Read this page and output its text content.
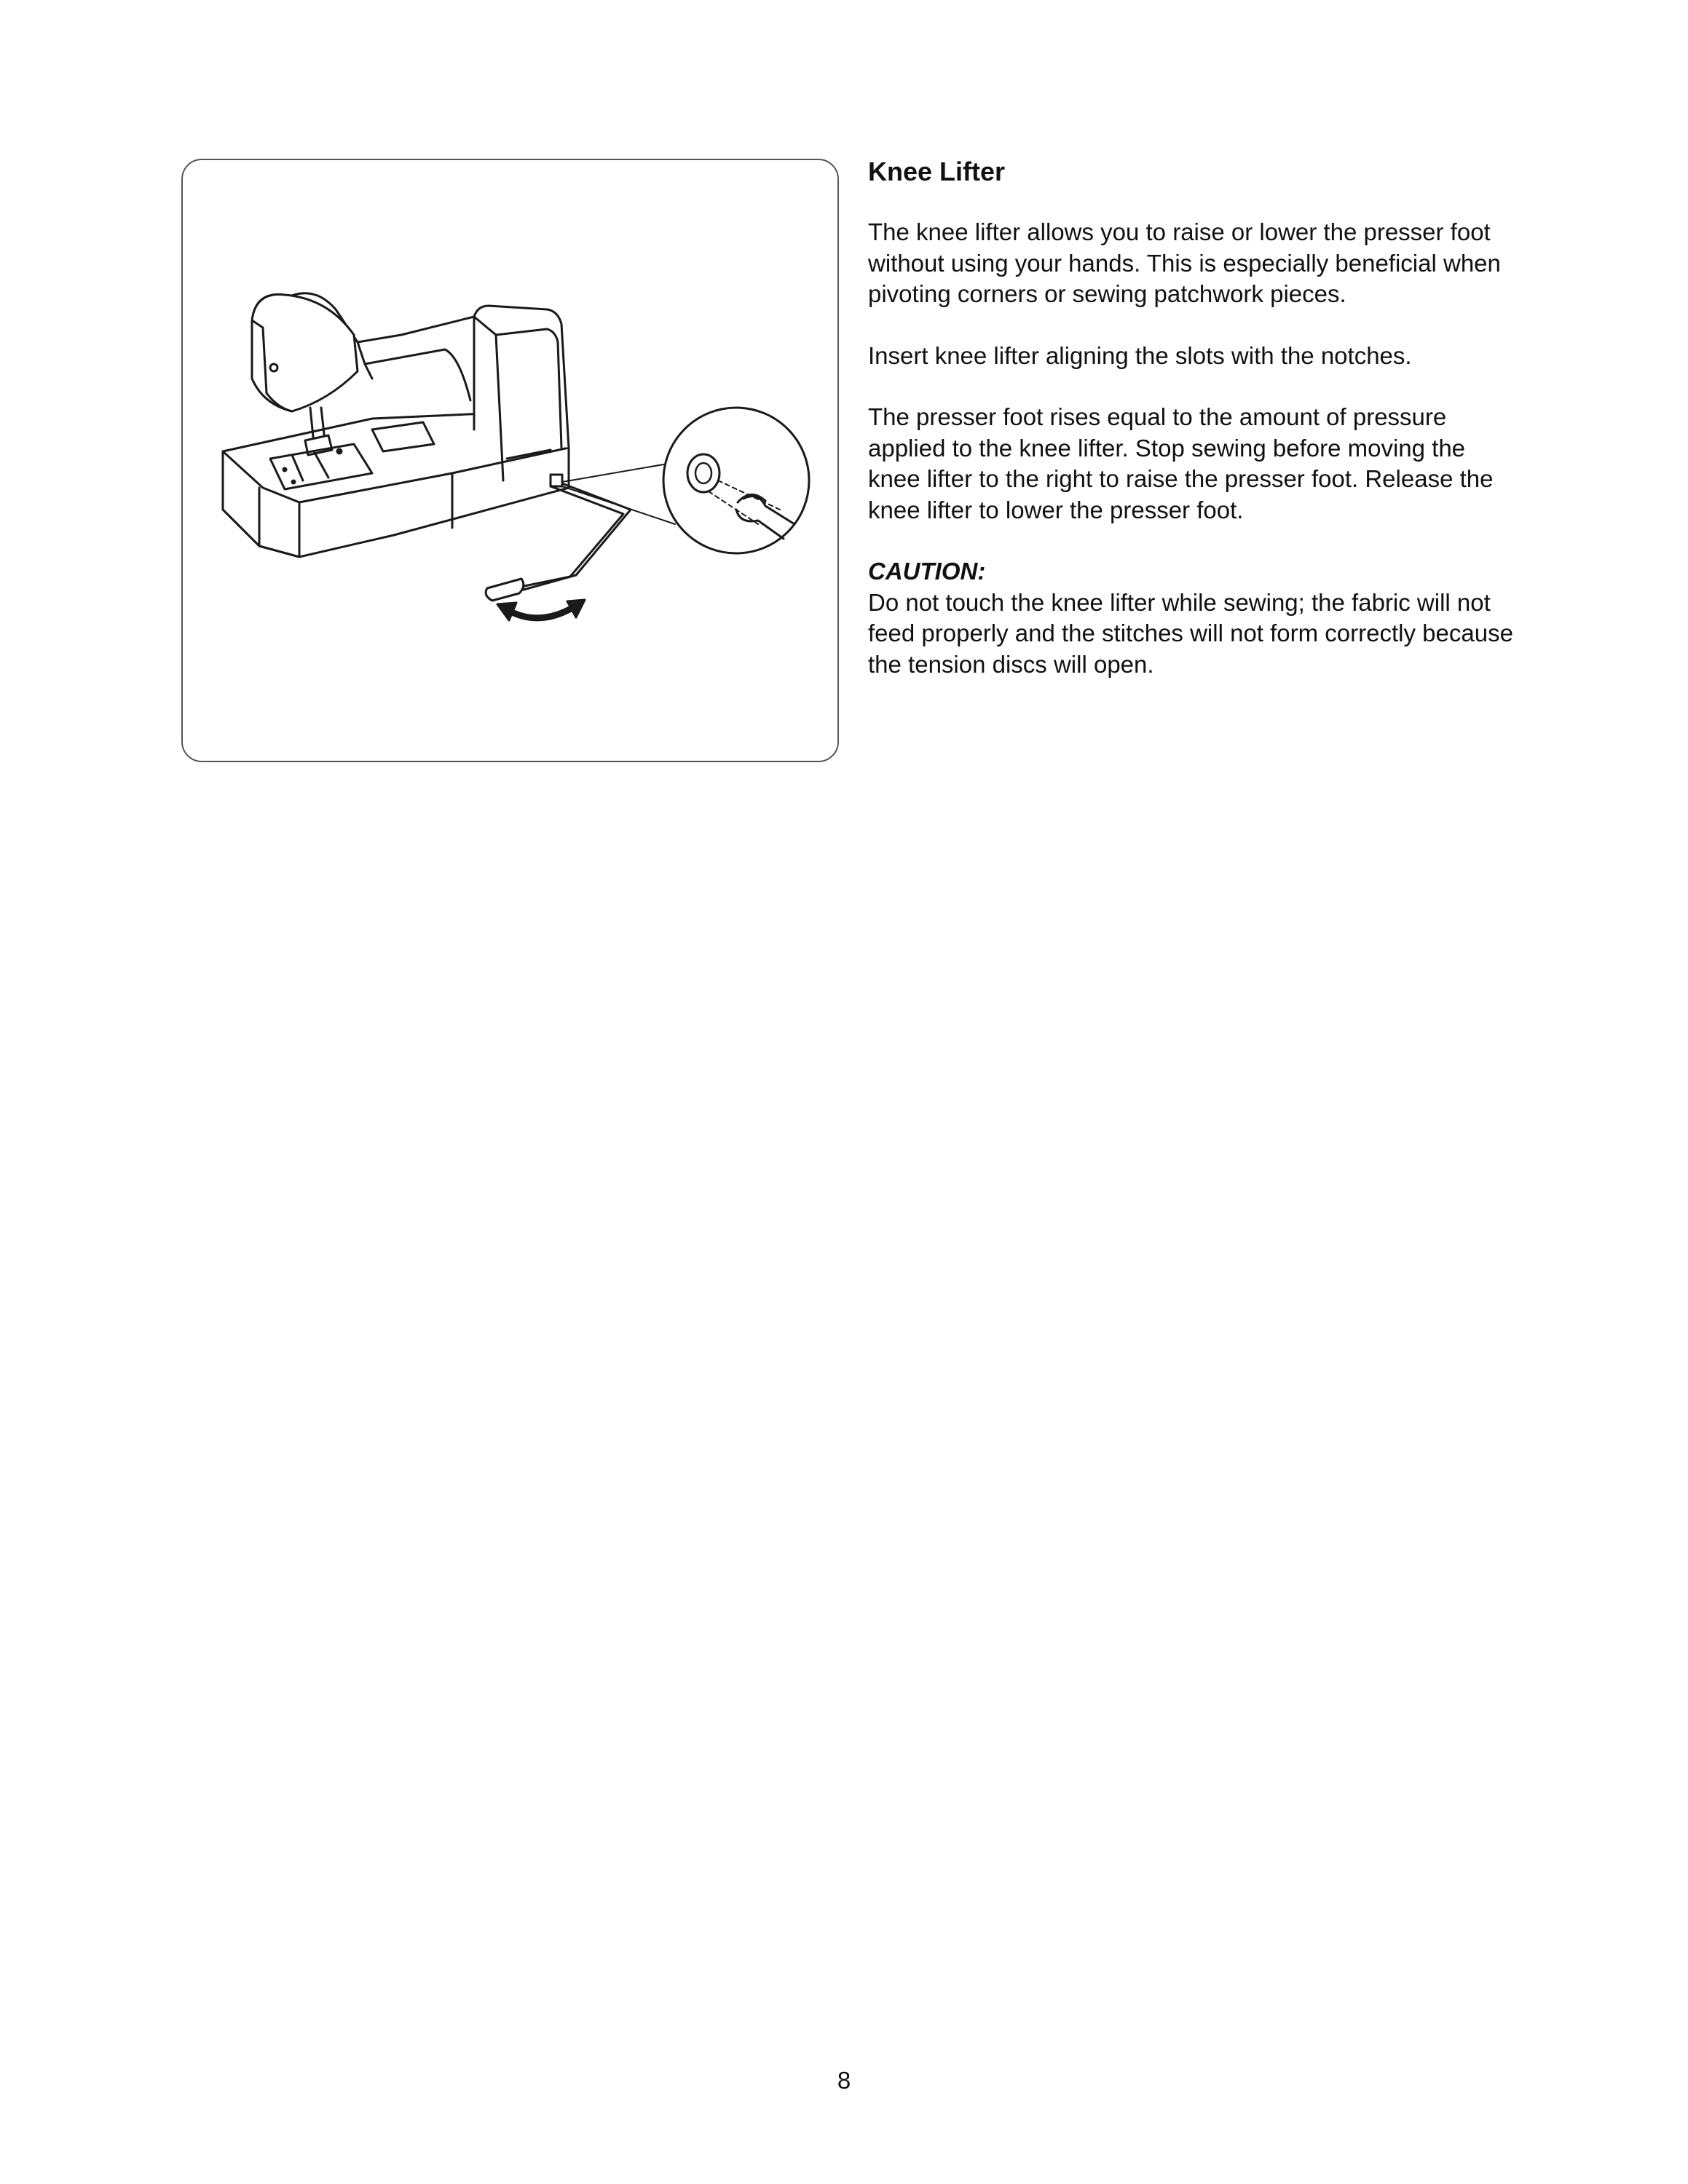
Knee Lifter

The knee lifter allows you to raise or lower the presser foot without using your hands. This is especially beneficial when pivoting corners or sewing patchwork pieces.

Insert knee lifter aligning the slots with the notches.

The presser foot rises equal to the amount of pressure applied to the knee lifter. Stop sewing before moving the knee lifter to the right to raise the presser foot. Release the knee lifter to lower the presser foot.

CAUTION:

Do not touch the knee lifter while sewing; the fabric will not feed properly and the stitches will not form correctly because the tension discs will open.

8
